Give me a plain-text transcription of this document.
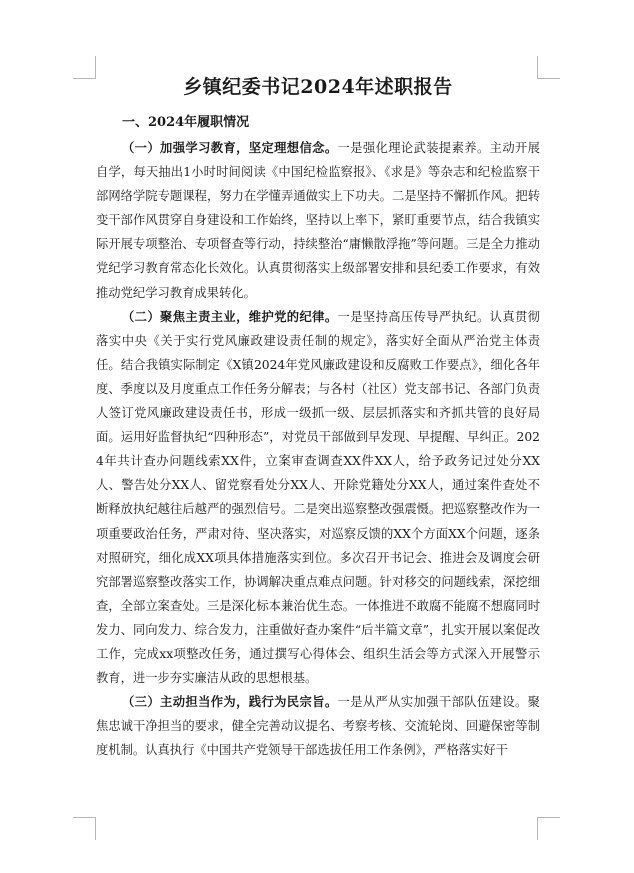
乡镇纪委书记2024年述职报告

一、2024年履职情况

（一）加强学习教育，坚定理想信念。一是强化理论武装提素养。主动开展自学，每天抽出1小时时间阅读《中国纪检监察报》、《求是》等杂志和纪检监察干部网络学院专题课程，努力在学懂弄通做实上下功夫。二是坚持不懈抓作风。把转变干部作风贯穿自身建设和工作始终，坚持以上率下，紧盯重要节点，结合我镇实际开展专项整治、专项督查等行动，持续整治“庸懒散浮拖”等问题。三是全力推动党纪学习教育常态化长效化。认真贯彻落实上级部署安排和县纪委工作要求，有效推动党纪学习教育成果转化。

（二）聚焦主责主业，维护党的纪律。一是坚持高压传导严执纪。认真贯彻落实中央《关于实行党风廉政建设责任制的规定》，落实好全面从严治党主体责任。结合我镇实际制定《X镇2024年党风廉政建设和反腐败工作要点》，细化各年度、季度以及月度重点工作任务分解表；与各村（社区）党支部书记、各部门负责人签订党风廉政建设责任书，形成一级抓一级、层层抓落实和齐抓共管的良好局面。运用好监督执纪“四种形态”，对党员干部做到早发现、早提醒、早纠正。2024年共计查办问题线索XX件，立案审查调查XX件XX人，给予政务记过处分XX人、警告处分XX人、留党察看处分XX人、开除党籍处分XX人，通过案件查处不断释放执纪越往后越严的强烈信号。二是突出巡察整改强震慑。把巡察整改作为一项重要政治任务，严肃对待、坚决落实，对巡察反馈的XX个方面XX个问题，逐条对照研究，细化成XX项具体措施落实到位。多次召开书记会、推进会及调度会研究部署巡察整改落实工作，协调解决重点难点问题。针对移交的问题线索，深挖细查，全部立案查处。三是深化标本兼治优生态。一体推进不敢腐不能腐不想腐同时发力、同向发力、综合发力，注重做好查办案件“后半篇文章”，扎实开展以案促改工作，完成xx项整改任务，通过撰写心得体会、组织生活会等方式深入开展警示教育，进一步夯实廉洁从政的思想根基。

（三）主动担当作为，践行为民宗旨。一是从严从实加强干部队伍建设。聚焦忠诚干净担当的要求，健全完善动议提名、考察考核、交流轮岗、回避保密等制度机制。认真执行《中国共产党领导干部选拔任用工作条例》，严格落实好干
